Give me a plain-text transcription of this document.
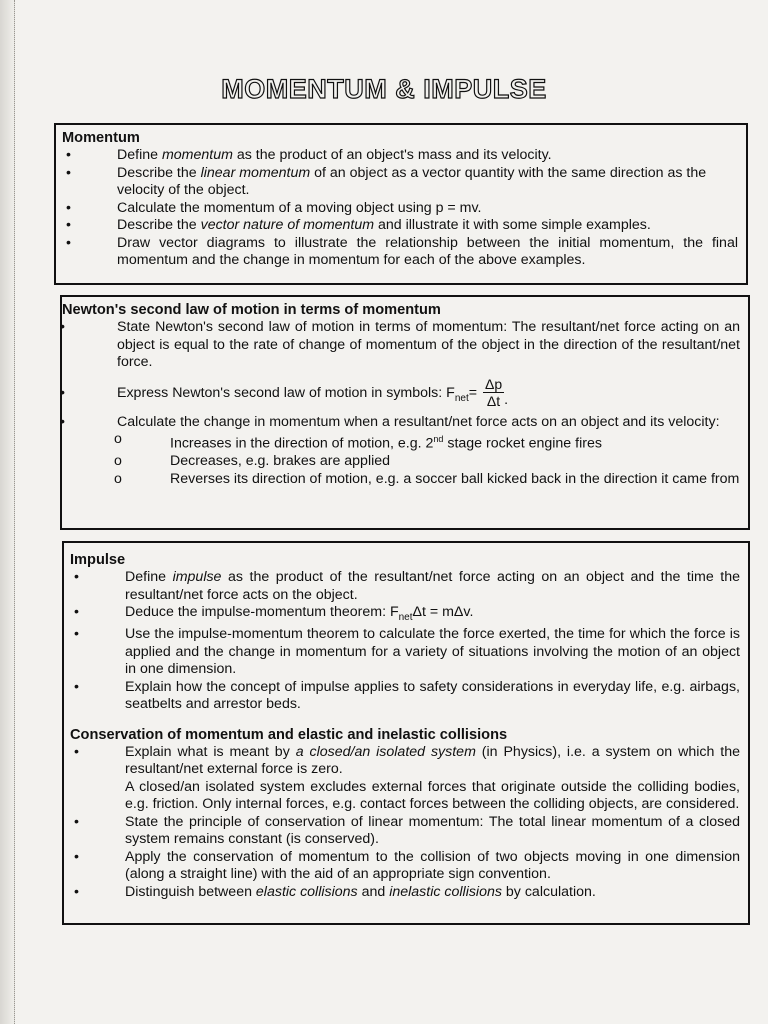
MOMENTUM & IMPULSE
Momentum
•	Define momentum as the product of an object's mass and its velocity.
•	Describe the linear momentum of an object as a vector quantity with the same direction as the velocity of the object.
•	Calculate the momentum of a moving object using p = mv.
•	Describe the vector nature of momentum and illustrate it with some simple examples.
•	Draw vector diagrams to illustrate the relationship between the initial momentum, the final momentum and the change in momentum for each of the above examples.
Newton's second law of motion in terms of momentum
•	State Newton's second law of motion in terms of momentum: The resultant/net force acting on an object is equal to the rate of change of momentum of the object in the direction of the resultant/net force.
•	Express Newton's second law of motion in symbols: $F_{net}= \frac{\Delta p}{\Delta t}$ .
•	Calculate the change in momentum when a resultant/net force acts on an object and its velocity:
o	Increases in the direction of motion, e.g. 2nd stage rocket engine fires
o	Decreases, e.g. brakes are applied
o	Reverses its direction of motion, e.g. a soccer ball kicked back in the direction it came from
Impulse
•	Define impulse as the product of the resultant/net force acting on an object and the time the resultant/net force acts on the object.
•	Deduce the impulse-momentum theorem: $F_{net}\Delta t = m\Delta v$.
•	Use the impulse-momentum theorem to calculate the force exerted, the time for which the force is applied and the change in momentum for a variety of situations involving the motion of an object in one dimension.
•	Explain how the concept of impulse applies to safety considerations in everyday life, e.g. airbags, seatbelts and arrestor beds.
Conservation of momentum and elastic and inelastic collisions
•	Explain what is meant by a closed/an isolated system (in Physics), i.e. a system on which the resultant/net external force is zero.
A closed/an isolated system excludes external forces that originate outside the colliding bodies, e.g. friction. Only internal forces, e.g. contact forces between the colliding objects, are considered.
•	State the principle of conservation of linear momentum: The total linear momentum of a closed system remains constant (is conserved).
•	Apply the conservation of momentum to the collision of two objects moving in one dimension (along a straight line) with the aid of an appropriate sign convention.
•	Distinguish between elastic collisions and inelastic collisions by calculation.
